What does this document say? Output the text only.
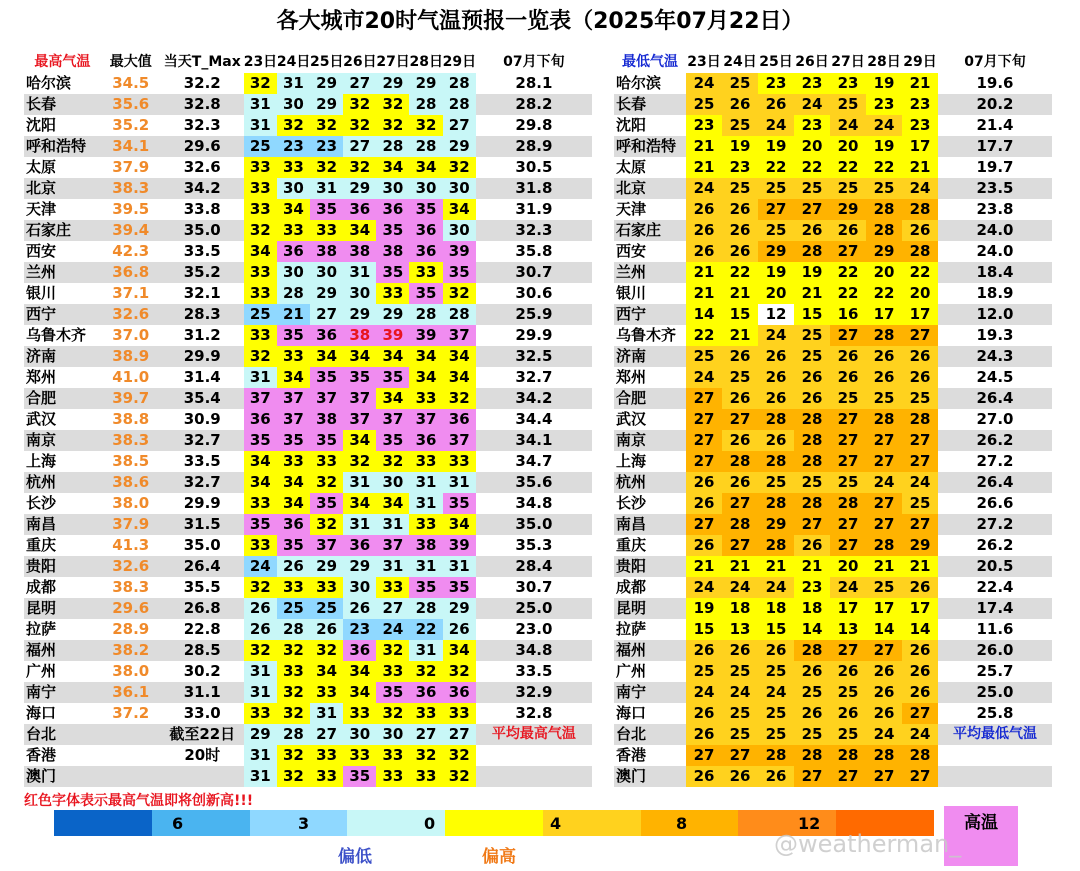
各大城市20时气温预报一览表（2025年07月22日）
最高气温	最大值	当天T_Max	23日	24日	25日	26日	27日	28日	29日	07月下旬
哈尔滨	34.5	32.2	32	31	29	27	29	29	28	28.1
长春	35.6	32.8	31	30	29	32	32	28	28	28.2
沈阳	35.2	32.3	31	32	32	32	32	32	27	29.8
呼和浩特	34.1	29.6	25	23	23	27	28	28	29	28.9
太原	37.9	32.6	33	33	32	32	34	34	32	30.5
北京	38.3	34.2	33	30	31	29	30	30	30	31.8
天津	39.5	33.8	33	34	35	36	36	35	34	31.9
石家庄	39.4	35.0	32	33	33	34	35	36	30	32.3
西安	42.3	33.5	34	36	38	38	38	36	39	35.8
兰州	36.8	35.2	33	30	30	31	35	33	35	30.7
银川	37.1	32.1	33	28	29	30	33	35	32	30.6
西宁	32.6	28.3	25	21	27	29	29	28	28	25.9
乌鲁木齐	37.0	31.2	33	35	36	38	39	39	37	29.9
济南	38.9	29.9	32	33	34	34	34	34	34	32.5
郑州	41.0	31.4	31	34	35	35	35	34	34	32.7
合肥	39.7	35.4	37	37	37	37	34	33	32	34.2
武汉	38.8	30.9	36	37	38	37	37	37	36	34.4
南京	38.3	32.7	35	35	35	34	35	36	37	34.1
上海	38.5	33.5	34	33	33	32	32	33	33	34.7
杭州	38.6	32.7	34	34	32	31	30	31	31	35.6
长沙	38.0	29.9	33	34	35	34	34	31	35	34.8
南昌	37.9	31.5	35	36	32	31	31	33	34	35.0
重庆	41.3	35.0	33	35	37	36	37	38	39	35.3
贵阳	32.6	26.4	24	26	29	29	31	31	31	28.4
成都	38.3	35.5	32	33	33	30	33	35	35	30.7
昆明	29.6	26.8	26	25	25	26	27	28	29	25.0
拉萨	28.9	22.8	26	28	26	23	24	22	26	23.0
福州	38.2	28.5	32	32	32	36	32	31	34	34.8
广州	38.0	30.2	31	33	34	34	33	32	32	33.5
南宁	36.1	31.1	31	32	33	34	35	36	36	32.9
海口	37.2	33.0	33	32	31	33	32	33	33	32.8
台北		截至22日	29	28	27	30	30	27	27	平均最高气温
香港		20时	31	32	33	33	33	32	32	
澳门			31	32	33	35	33	33	32	
最低气温	23日	24日	25日	26日	27日	28日	29日	07月下旬
哈尔滨	24	25	23	23	23	19	21	19.6
长春	25	26	26	24	25	23	23	20.2
沈阳	23	25	24	23	24	24	23	21.4
呼和浩特	21	19	19	20	20	19	17	17.7
太原	21	23	22	22	22	22	21	19.7
北京	24	25	25	25	25	25	24	23.5
天津	26	26	27	27	29	28	28	23.8
石家庄	26	26	25	26	26	28	26	24.0
西安	26	26	29	28	27	29	28	24.0
兰州	21	22	19	19	22	20	22	18.4
银川	21	21	20	21	22	22	20	18.9
西宁	14	15	12	15	16	17	17	12.0
乌鲁木齐	22	21	24	25	27	28	27	19.3
济南	25	26	26	25	26	26	26	24.3
郑州	24	25	26	26	26	26	26	24.5
合肥	27	26	26	26	25	25	25	26.4
武汉	27	27	28	28	27	28	28	27.0
南京	27	26	26	28	27	27	27	26.2
上海	27	28	28	28	27	27	27	27.2
杭州	26	26	25	25	25	24	24	26.4
长沙	26	27	28	28	28	27	25	26.6
南昌	27	28	29	27	27	27	27	27.2
重庆	26	27	28	26	27	28	29	26.2
贵阳	21	21	21	21	20	21	21	20.5
成都	24	24	24	23	24	25	26	22.4
昆明	19	18	18	18	17	17	17	17.4
拉萨	15	13	15	14	13	14	14	11.6
福州	26	26	26	28	27	27	26	26.0
广州	25	25	25	26	26	26	26	25.7
南宁	24	24	24	25	25	26	26	25.0
海口	26	25	25	26	26	26	27	25.8
台北	26	25	25	25	25	24	24	平均最低气温
香港	27	27	28	28	28	28	28	
澳门	26	26	26	27	27	27	27	
红色字体表示最高气温即将创新高!!!
6	3	0	4	8	12	高温
偏低	偏高	@weatherman_
